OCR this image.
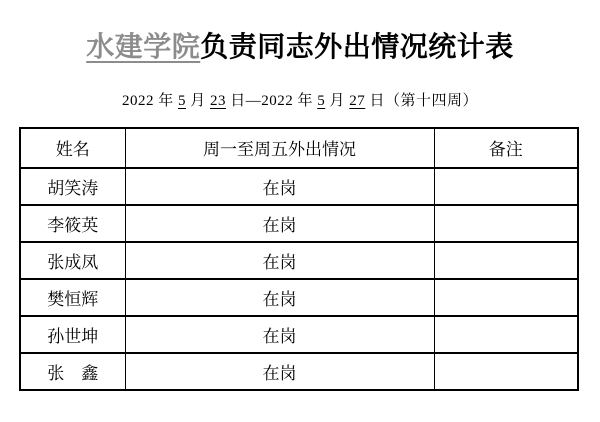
水建学院负责同志外出情况统计表
2022 年 5 月 23 日—2022 年 5 月 27 日（第十四周）
姓名	周一至周五外出情况	备注
胡笑涛	在岗	
李筱英	在岗	
张成凤	在岗	
樊恒辉	在岗	
孙世坤	在岗	
张　鑫	在岗	
